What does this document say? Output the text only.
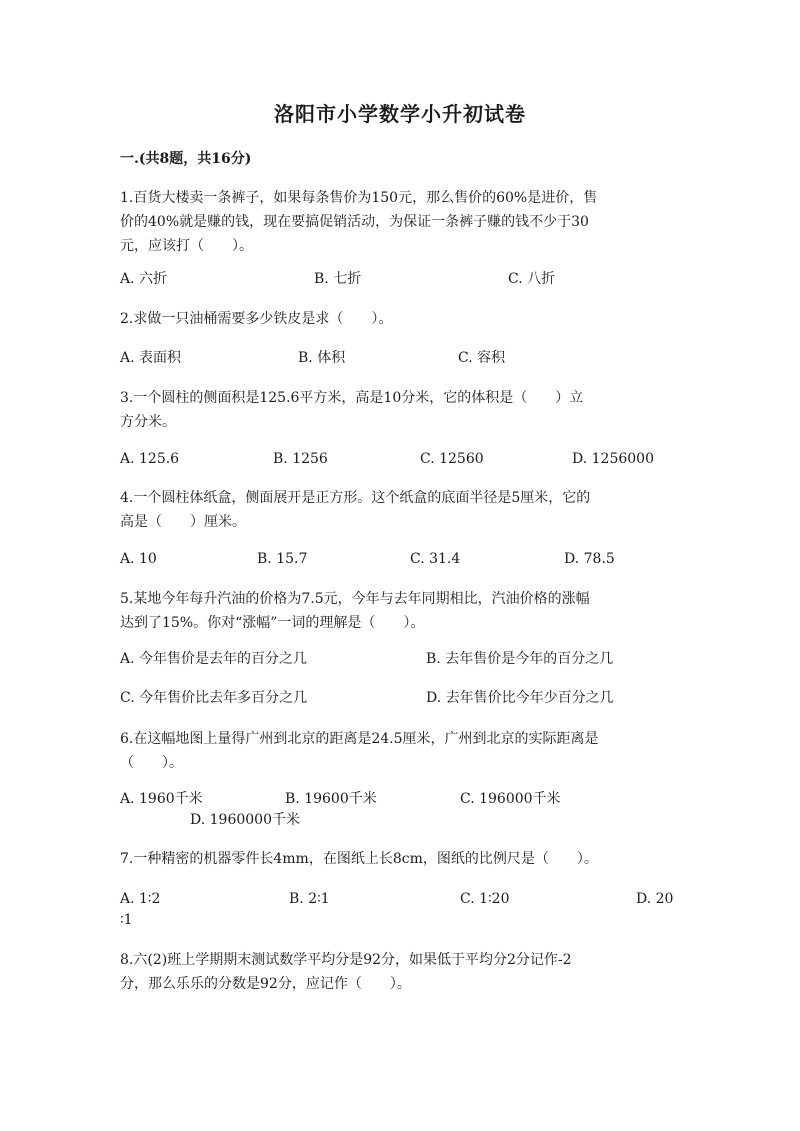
洛阳市小学数学小升初试卷
一.(共8题，共16分)
1.百货大楼卖一条裤子，如果每条售价为150元，那么售价的60%是进价，售
价的40%就是赚的钱，现在要搞促销活动，为保证一条裤子赚的钱不少于30
元，应该打（　　）。
A. 六折	B. 七折	C. 八折
2.求做一只油桶需要多少铁皮是求（　　）。
A. 表面积	B. 体积	C. 容积
3.一个圆柱的侧面积是125.6平方米，高是10分米，它的体积是（　　）立
方分米。
A. 125.6	B. 1256	C. 12560	D. 1256000
4.一个圆柱体纸盒，侧面展开是正方形。这个纸盒的底面半径是5厘米，它的
高是（　　）厘米。
A. 10	B. 15.7	C. 31.4	D. 78.5
5.某地今年每升汽油的价格为7.5元，今年与去年同期相比，汽油价格的涨幅
达到了15%。你对“涨幅”一词的理解是（　　）。
A. 今年售价是去年的百分之几	B. 去年售价是今年的百分之几
C. 今年售价比去年多百分之几	D. 去年售价比今年少百分之几
6.在这幅地图上量得广州到北京的距离是24.5厘米，广州到北京的实际距离是
（　　）。
A. 1960千米	B. 19600千米	C. 196000千米
D. 1960000千米
7.一种精密的机器零件长4mm，在图纸上长8cm，图纸的比例尺是（　　）。
A. 1∶2	B. 2∶1	C. 1∶20	D. 20
∶1
8.六(2)班上学期期末测试数学平均分是92分，如果低于平均分2分记作-2
分，那么乐乐的分数是92分，应记作（　　）。
